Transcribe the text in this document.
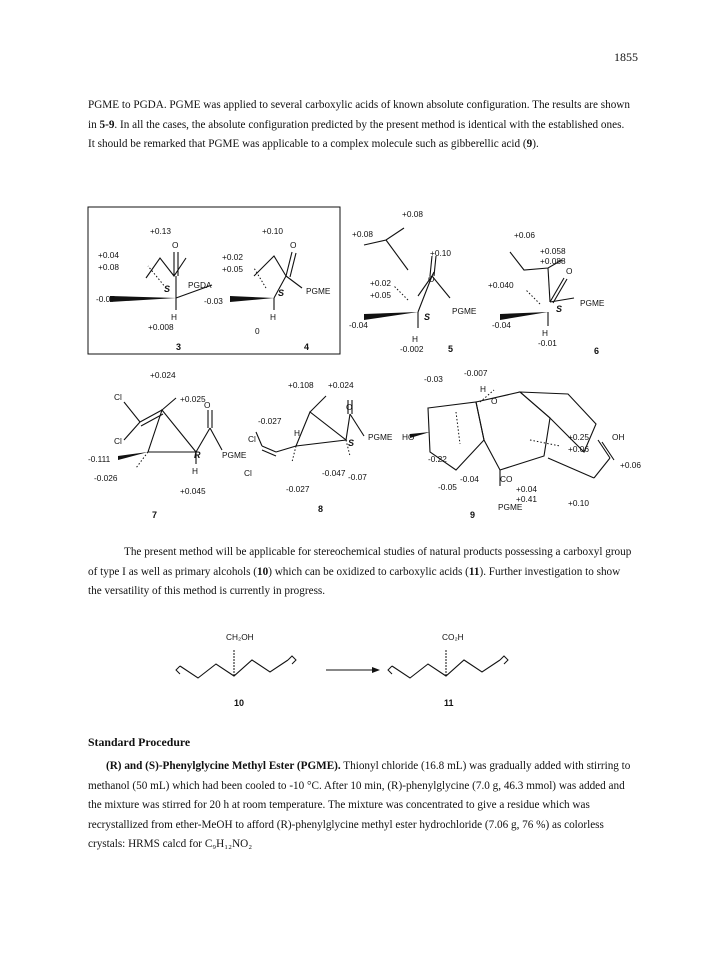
1855

PGME to PGDA. PGME was applied to several carboxylic acids of known absolute configuration. The results are shown in 5-9. In all the cases, the absolute configuration predicted by the present method is identical with the established ones. It should be remarked that PGME was applicable to a complex molecule such as gibberellic acid (9).

+0.13
+0.04
+0.08
-0.07
+0.008
PGDA
H
O
S
3
+0.10
+0.02
+0.05
-0.03
0
PGME
H
O
S
4
+0.08
+0.08
+0.10
+0.02
+0.05
-0.04
-0.002
PGME
H
O
S
5
+0.06
+0.058
+0.088
+0.040
-0.04
-0.01
PGME
H
O
S
6
+0.024
+0.025
-0.111
-0.026
+0.045
PGME
Cl
Cl
H
O
R
7
+0.108 +0.024
-0.027
-0.047 -0.07
-0.027
PGME
Cl
Cl
H
O
S
8
-0.03
-0.007
-0.22
+0.25
+0.06
+0.06
-0.05
-0.04
+0.04
+0.41	+0.10
HO	OH
CO
PGME
H
O
9
CH₂OH	CO₂H
10	11

The present method will be applicable for stereochemical studies of natural products possessing a carboxyl group of type I as well as primary alcohols (10) which can be oxidized to carboxylic acids (11). Further investigation to show the versatility of this method is currently in progress.

Standard Procedure

(R) and (S)-Phenylglycine Methyl Ester (PGME). Thionyl chloride (16.8 mL) was gradually added with stirring to methanol (50 mL) which had been cooled to -10 °C. After 10 min, (R)-phenylglycine (7.0 g, 46.3 mmol) was added and the mixture was stirred for 20 h at room temperature. The mixture was concentrated to give a residue which was recrystallized from ether-MeOH to afford (R)-phenylglycine methyl ester hydrochloride (7.06 g, 76 %) as colorless crystals: HRMS calcd for C₉H₁₂NO₂
